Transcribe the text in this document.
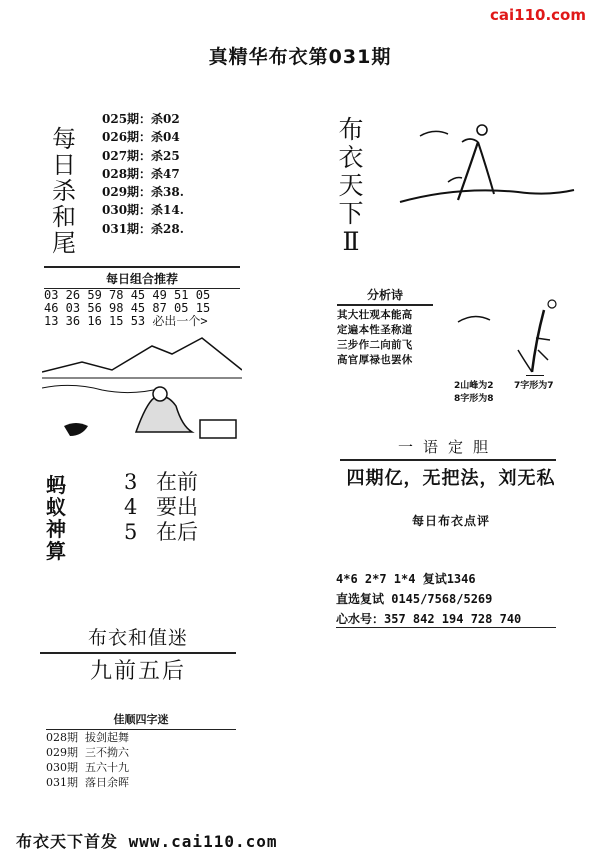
cai110.com
真精华布衣第031期
每
日
杀
和
尾
025期：杀02
026期：杀04
027期：杀25
028期：杀47
029期：杀38.
030期：杀14.
031期：杀28.
布
衣
天
下
Ⅱ
每日组合推荐
03 26 59 78 45 49 51 05
46 03 56 98 45 87 05 15
13 36 16 15 53 必出一个>
分析诗
其大壮观本能高
定遍本性圣称道
三步作二向前飞
高官厚禄也罢休
2山峰为2 7字形为7
8字形为8
一语定胆
四期亿，无把法，刘无私
每日布衣点评
4*6 2*7 1*4 复试1346
直选复试 0145/7568/5269
心水号：357 842 194 728 740
蚂
蚁
神
算
3 在前
4 要出
5 在后
布衣和值迷
九前五后
佳顺四字迷
028期  拔剑起舞
029期  三不拗六
030期  五六十九
031期  落日余晖
布衣天下首发 www.cai110.com
